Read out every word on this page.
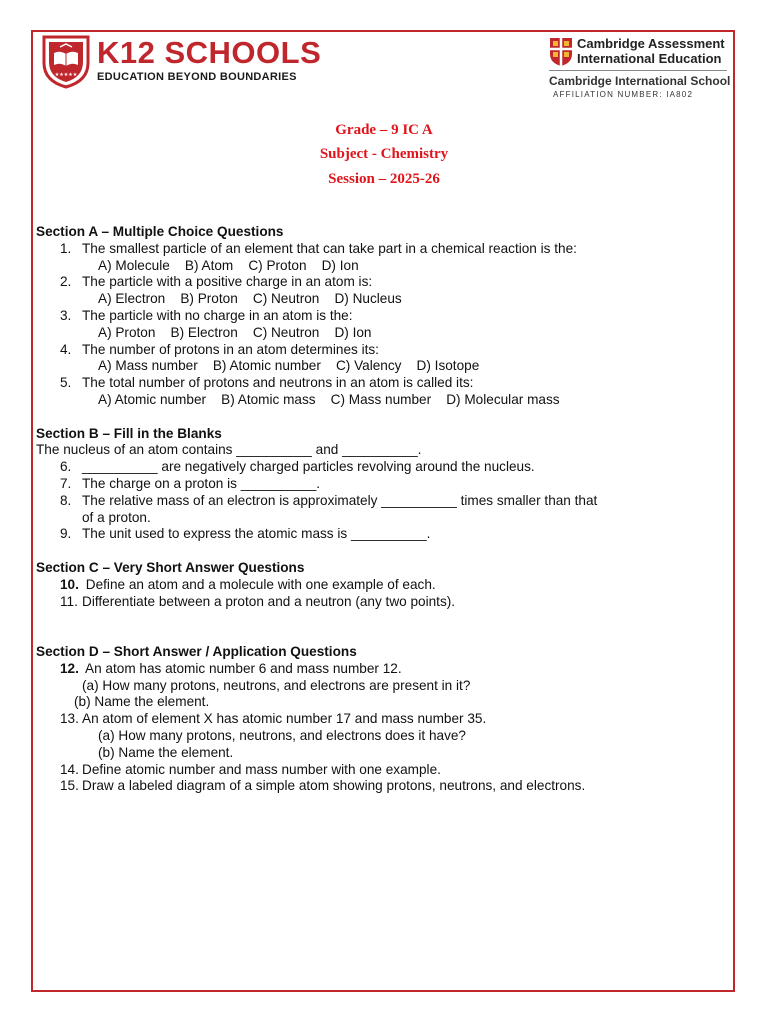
★★★★★
K12 SCHOOLS
EDUCATION BEYOND BOUNDARIES
Cambridge Assessment
International Education
Cambridge International School
AFFILIATION NUMBER: IA802
Grade – 9 IC A
Subject - Chemistry
Session – 2025-26
Section A – Multiple Choice Questions
1. The smallest particle of an element that can take part in a chemical reaction is the:
A) Molecule    B) Atom    C) Proton    D) Ion
2. The particle with a positive charge in an atom is:
A) Electron    B) Proton    C) Neutron    D) Nucleus
3. The particle with no charge in an atom is the:
A) Proton    B) Electron    C) Neutron    D) Ion
4. The number of protons in an atom determines its:
A) Mass number    B) Atomic number    C) Valency    D) Isotope
5. The total number of protons and neutrons in an atom is called its:
A) Atomic number    B) Atomic mass    C) Mass number    D) Molecular mass
Section B – Fill in the Blanks
The nucleus of an atom contains __________ and __________.
6. __________ are negatively charged particles revolving around the nucleus.
7. The charge on a proton is __________.
8. The relative mass of an electron is approximately __________ times smaller than that
of a proton.
9. The unit used to express the atomic mass is __________.
Section C – Very Short Answer Questions
10. Define an atom and a molecule with one example of each.
11. Differentiate between a proton and a neutron (any two points).
Section D – Short Answer / Application Questions
12. An atom has atomic number 6 and mass number 12.
(a) How many protons, neutrons, and electrons are present in it?
(b) Name the element.
13. An atom of element X has atomic number 17 and mass number 35.
(a) How many protons, neutrons, and electrons does it have?
(b) Name the element.
14. Define atomic number and mass number with one example.
15. Draw a labeled diagram of a simple atom showing protons, neutrons, and electrons.
